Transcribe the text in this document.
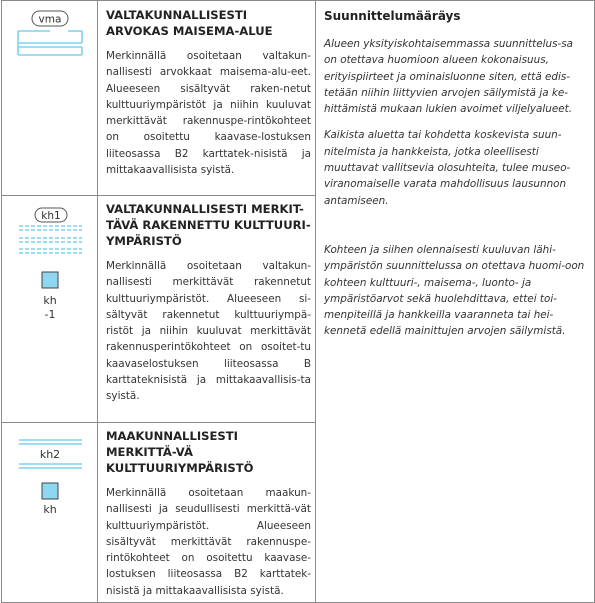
vma	VALTAKUNNALLISESTI ARVOKAS MAISEMA-ALUE
Merkinnällä osoitetaan valtakun-nallisesti arvokkaat maisema-alu-eet. Alueeseen sisältyvät raken-netut kulttuuriympäristöt ja niihin kuuluvat merkittävät rakennuspe-rintökohteet on osoitettu kaavase-lostuksen liiteosassa B2 karttatek-nisistä ja mittakaavallisista syistä.
kh1
kh
-1
VALTAKUNNALLISESTI MERKIT-TÄVÄ RAKENNETTU KULTTUURI-YMPÄRISTÖ
Merkinnällä osoitetaan valtakun-nallisesti merkittävät rakennetut kulttuuriympäristöt. Alueeseen si-sältyvät rakennetut kulttuuriympä-ristöt ja niihin kuuluvat merkittävät rakennusperintökohteet on osoitet-tu kaavaselostuksen liiteosassa B karttateknisistä ja mittakaavallisis-ta syistä.
kh2
kh
MAAKUNNALLISESTI MERKITTÄ-VÄ KULTTUURIYMPÄRISTÖ
Merkinnällä osoitetaan maakun-nallisesti ja seudullisesti merkittä-vät kulttuuriympäristöt. Alueeseen sisältyvät merkittävät rakennuspe-rintökohteet on osoitettu kaavase-lostuksen liiteosassa B2 karttatek-nisistä ja mittakaavallisista syistä.
Suunnittelumääräys
Alueen yksityiskohtaisemmassa suunnittelus-sa on otettava huomioon alueen kokonaisuus, erityispiirteet ja ominaisluonne siten, että edis-tetään niihin liittyvien arvojen säilymistä ja ke-hittämistä mukaan lukien avoimet viljelyalueet.
Kaikista aluetta tai kohdetta koskevista suun-nitelmista ja hankkeista, jotka oleellisesti muuttavat vallitsevia olosuhteita, tulee museo-viranomaiselle varata mahdollisuus lausunnon antamiseen.
Kohteen ja siihen olennaisesti kuuluvan lähi-ympäristön suunnittelussa on otettava huomi-oon kohteen kulttuuri-, maisema-, luonto- ja ympäristöarvot sekä huolehdittava, ettei toi-menpiteillä ja hankkeilla vaaranneta tai hei-kennetä edellä mainittujen arvojen säilymistä.
